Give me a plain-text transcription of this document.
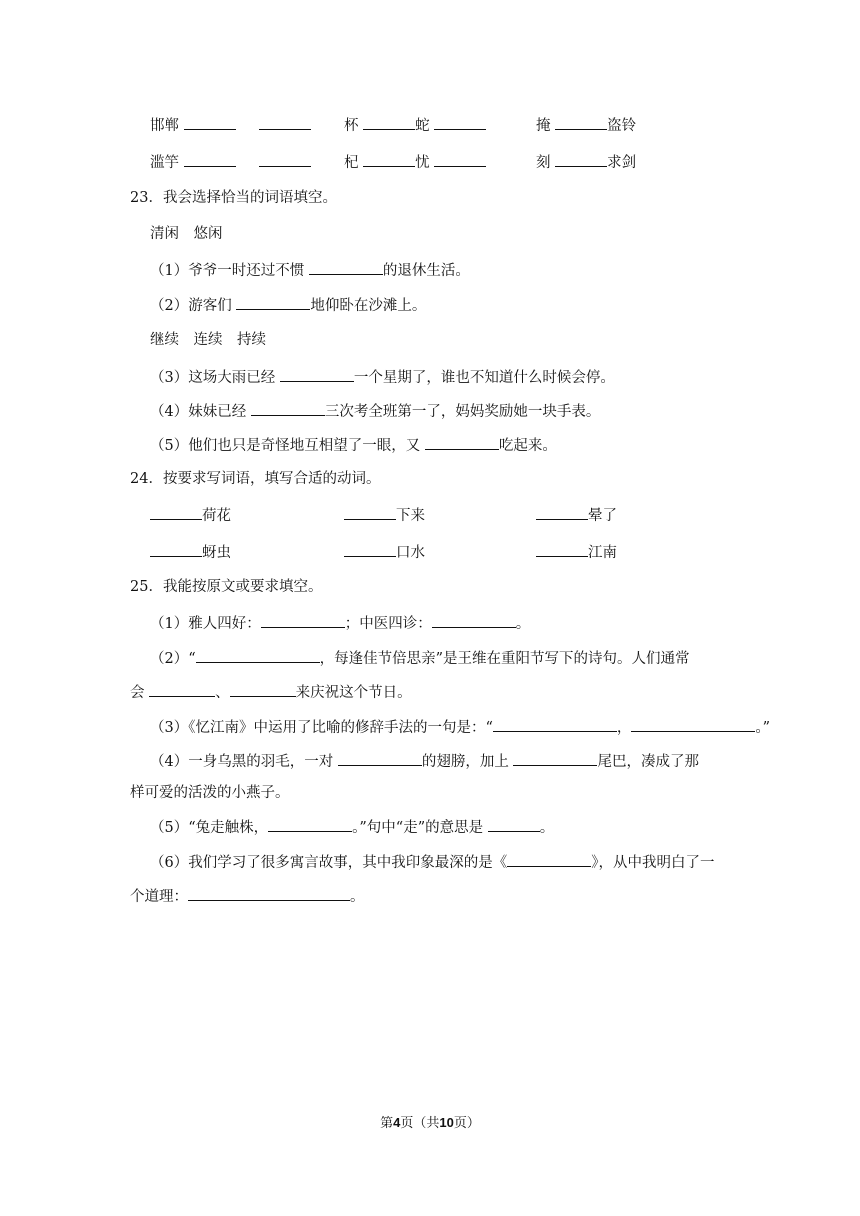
邯郸	杯	蛇	掩	盗铃
滥竽	杞	忧	刻	求剑
23．我会选择恰当的词语填空。
清闲　悠闲
（1）爷爷一时还过不惯	的退休生活。
（2）游客们	地仰卧在沙滩上。
继续　连续　持续
（3）这场大雨已经	一个星期了，谁也不知道什么时候会停。
（4）妹妹已经	三次考全班第一了，妈妈奖励她一块手表。
（5）他们也只是奇怪地互相望了一眼，又	吃起来。
24．按要求写词语，填写合适的动词。
荷花	下来	晕了
蚜虫	口水	江南
25．我能按原文或要求填空。
（1）雅人四好：	；中医四诊：	。
（2）“	，每逢佳节倍思亲”是王维在重阳节写下的诗句。人们通常
会	、	来庆祝这个节日。
（3）《忆江南》中运用了比喻的修辞手法的一句是：“	，	。”
（4）一身乌黑的羽毛，一对	的翅膀，加上	尾巴，凑成了那
样可爱的活泼的小燕子。
（5）“兔走触株，	。”句中“走”的意思是	。
（6）我们学习了很多寓言故事，其中我印象最深的是《	》，从中我明白了一
个道理：	。
第4页（共10页）
